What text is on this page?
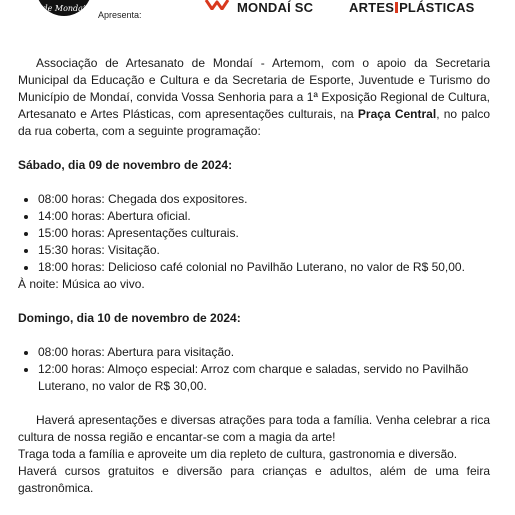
de Mondai
Apresenta:	MONDAÍ SC	ARTES PLÁSTICAS

Associação de Artesanato de Mondaí - Artemom, com o apoio da Secretaria Municipal da Educação e Cultura e da Secretaria de Esporte, Juventude e Turismo do Município de Mondaí, convida Vossa Senhoria para a 1ª Exposição Regional de Cultura, Artesanato e Artes Plásticas, com apresentações culturais, na Praça Central, no palco da rua coberta, com a seguinte programação:

Sábado, dia 09 de novembro de 2024:

• 08:00 horas: Chegada dos expositores.
• 14:00 horas: Abertura oficial.
• 15:00 horas: Apresentações culturais.
• 15:30 horas: Visitação.
• 18:00 horas: Delicioso café colonial no Pavilhão Luterano, no valor de R$ 50,00.

À noite: Música ao vivo.

Domingo, dia 10 de novembro de 2024:

• 08:00 horas: Abertura para visitação.
• 12:00 horas: Almoço especial: Arroz com charque e saladas, servido no Pavilhão Luterano, no valor de R$ 30,00.

Haverá apresentações e diversas atrações para toda a família. Venha celebrar a rica cultura de nossa região e encantar-se com a magia da arte!

Traga toda a família e aproveite um dia repleto de cultura, gastronomia e diversão.

Haverá cursos gratuitos e diversão para crianças e adultos, além de uma feira gastronômica.
